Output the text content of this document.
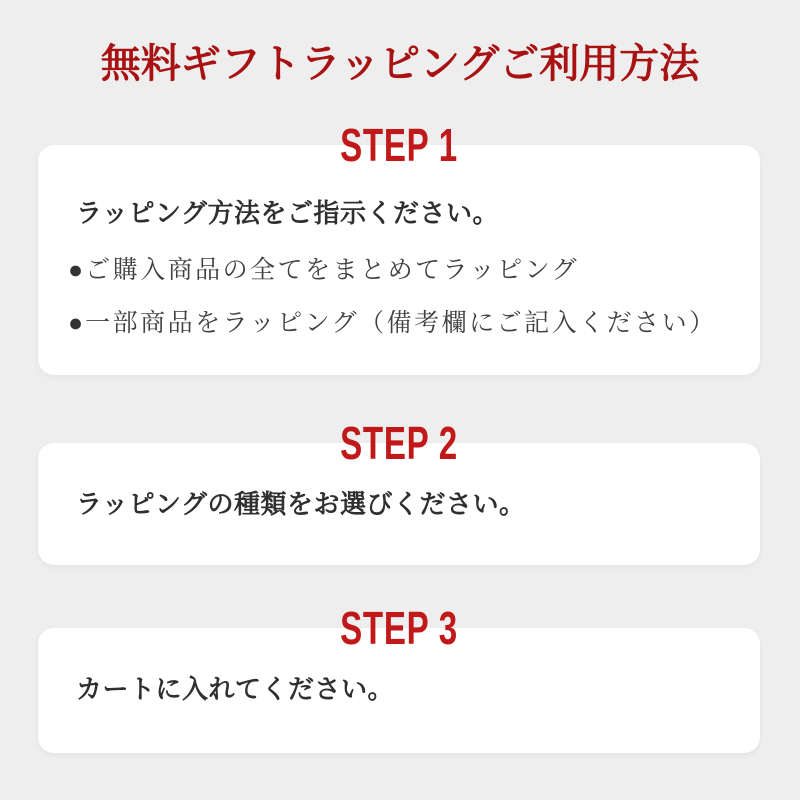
無料ギフトラッピングご利用方法
STEP 1
ラッピング方法をご指示ください。
●ご購入商品の全てをまとめてラッピング
●一部商品をラッピング（備考欄にご記入ください）
STEP 2
ラッピングの種類をお選びください。
STEP 3
カートに入れてください。
